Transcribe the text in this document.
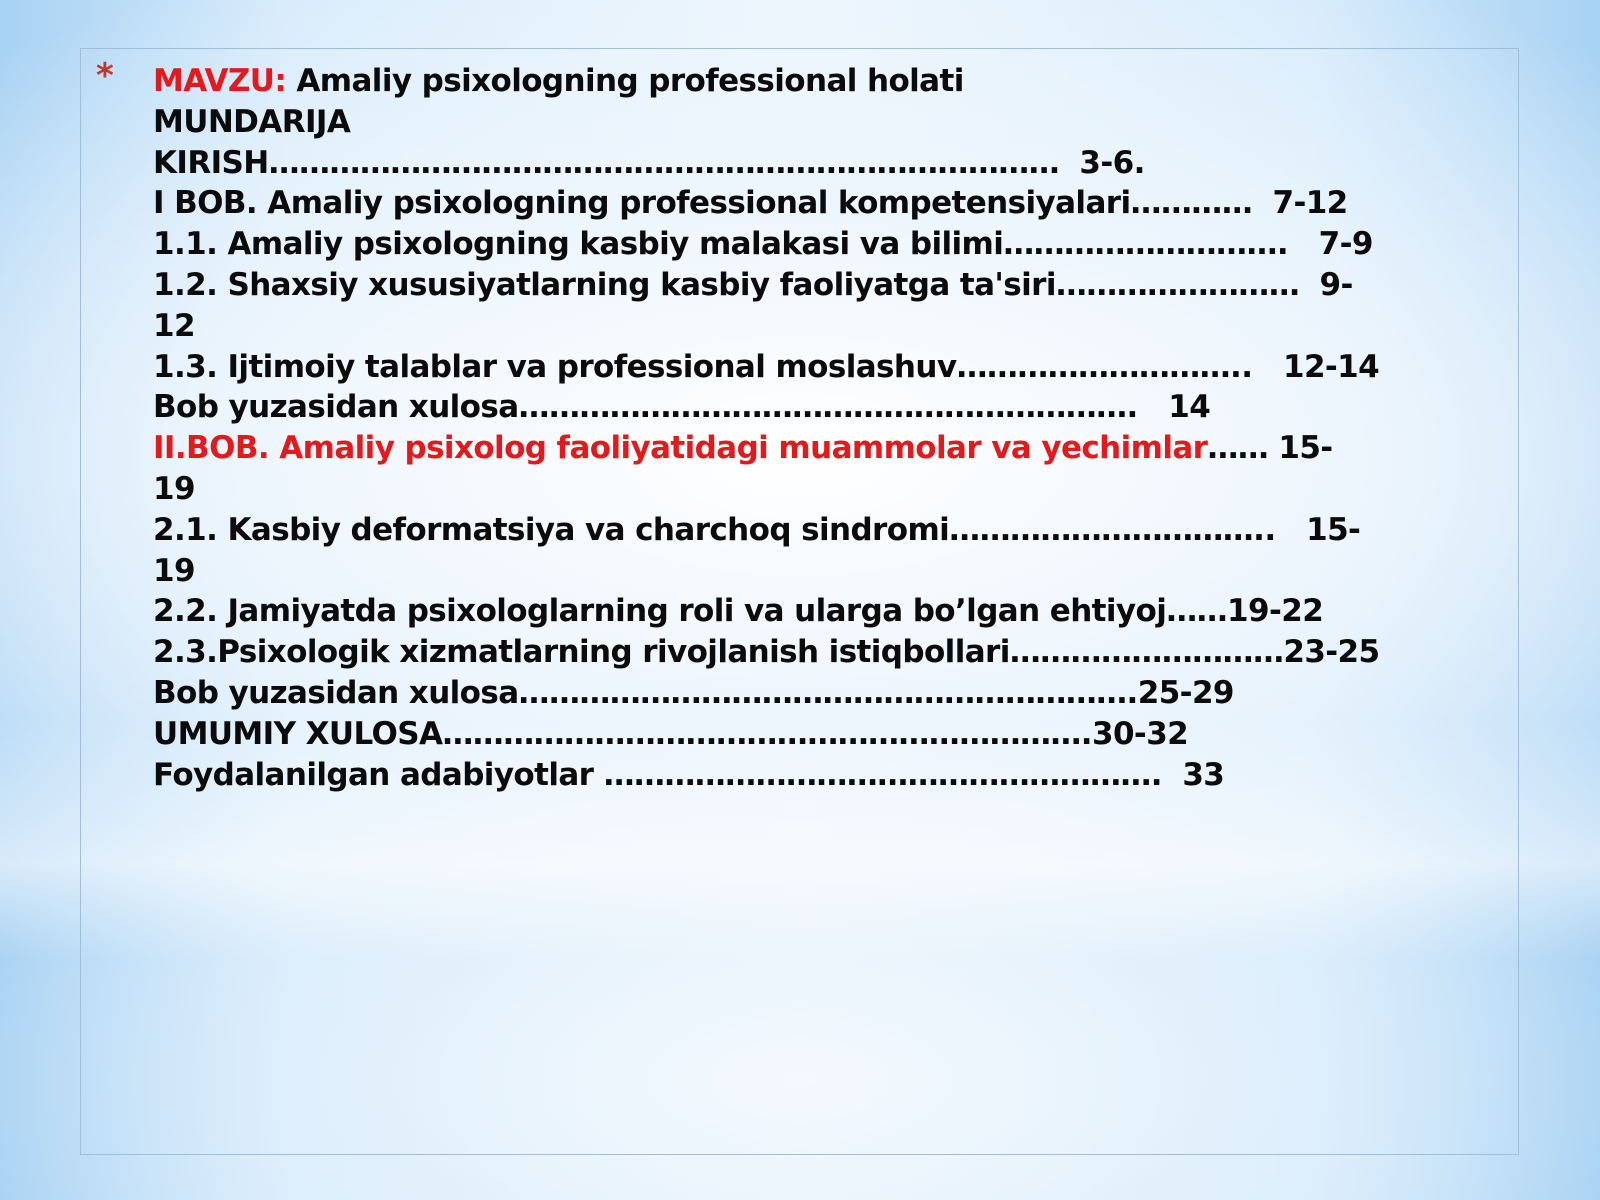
* MAVZU: Amaliy psixologning professional holati
MUNDARIJA
KIRISH……………………………………………………………………  3-6.
I BOB. Amaliy psixologning professional kompetensiyalari…………  7-12
1.1. Amaliy psixologning kasbiy malakasi va bilimi……………………….   7-9
1.2. Shaxsiy xususiyatlarning kasbiy faoliyatga ta'siri……………………  9-
12
1.3. Ijtimoiy talablar va professional moslashuv………………………..   12-14
Bob yuzasidan xulosa…………………………………………………….   14
II.BOB. Amaliy psixolog faoliyatidagi muammolar va yechimlar…… 15-
19
2.1. Kasbiy deformatsiya va charchoq sindromi…………………………..   15-
19
2.2. Jamiyatda psixologlarning roli va ularga bo’lgan ehtiyoj……19-22
2.3.Psixologik xizmatlarning rivojlanish istiqbollari………………………23-25
Bob yuzasidan xulosa…………………………………………………….25-29
UMUMIY XULOSA……………………………………………………….30-32
Foydalanilgan adabiyotlar ……………………………………………….  33
